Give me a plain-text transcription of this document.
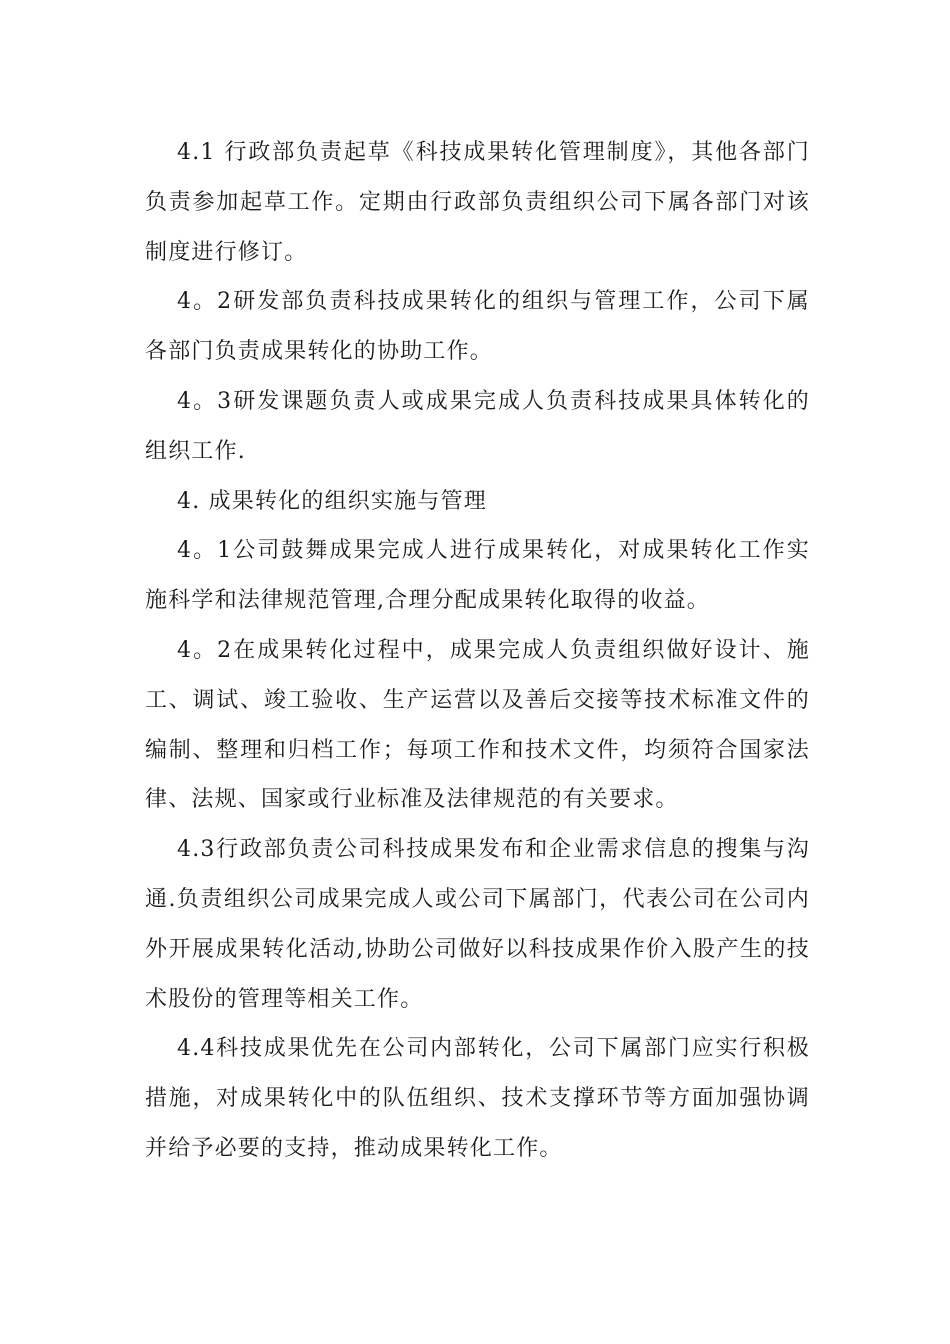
4.1 行政部负责起草《科技成果转化管理制度》，其他各部门负责参加起草工作。定期由行政部负责组织公司下属各部门对该制度进行修订。

4。2研发部负责科技成果转化的组织与管理工作，公司下属各部门负责成果转化的协助工作。

4。3研发课题负责人或成果完成人负责科技成果具体转化的组织工作.

4. 成果转化的组织实施与管理

4。1公司鼓舞成果完成人进行成果转化，对成果转化工作实施科学和法律规范管理,合理分配成果转化取得的收益。

4。2在成果转化过程中，成果完成人负责组织做好设计、施工、调试、竣工验收、生产运营以及善后交接等技术标准文件的编制、整理和归档工作；每项工作和技术文件，均须符合国家法律、法规、国家或行业标准及法律规范的有关要求。

4.3行政部负责公司科技成果发布和企业需求信息的搜集与沟通.负责组织公司成果完成人或公司下属部门，代表公司在公司内外开展成果转化活动,协助公司做好以科技成果作价入股产生的技术股份的管理等相关工作。

4.4科技成果优先在公司内部转化，公司下属部门应实行积极措施，对成果转化中的队伍组织、技术支撑环节等方面加强协调并给予必要的支持，推动成果转化工作。
